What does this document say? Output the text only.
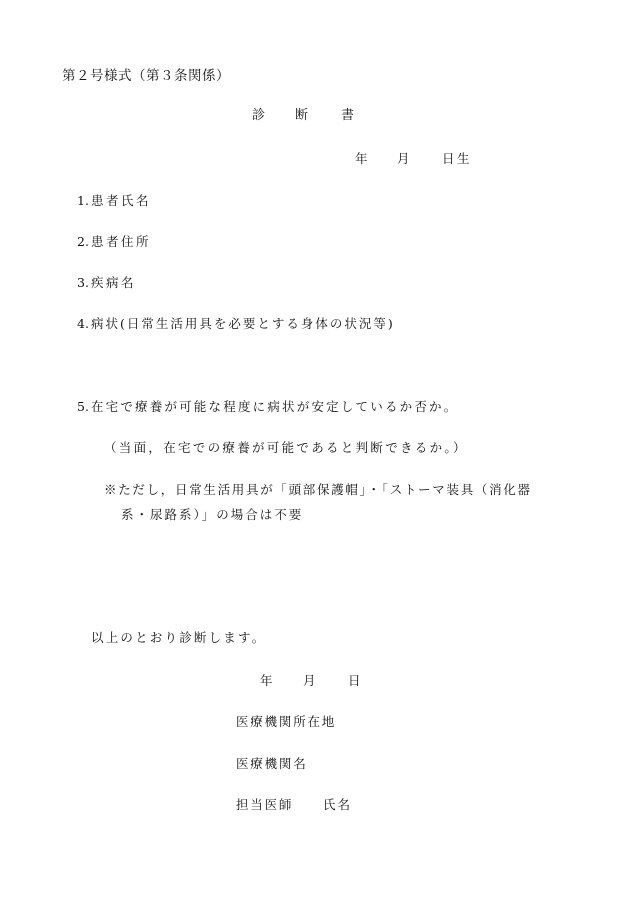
第２号様式（第３条関係）
診 断	書
年 月 日生
1. 患者氏名
2. 患者住所
3. 疾病名
4. 病状(日常生活用具を必要とする身体の状況等)
5. 在宅で療養が可能な程度に病状が安定しているか否か。
（当面，在宅での療養が可能であると判断できるか。）
※ただし，日常生活用具が「頭部保護帽」・「ストーマ装具（消化器
系・尿路系）」の場合は不要
以上のとおり診断します。
年 月 日
医療機関所在地
医療機関名
担当医師 氏名
